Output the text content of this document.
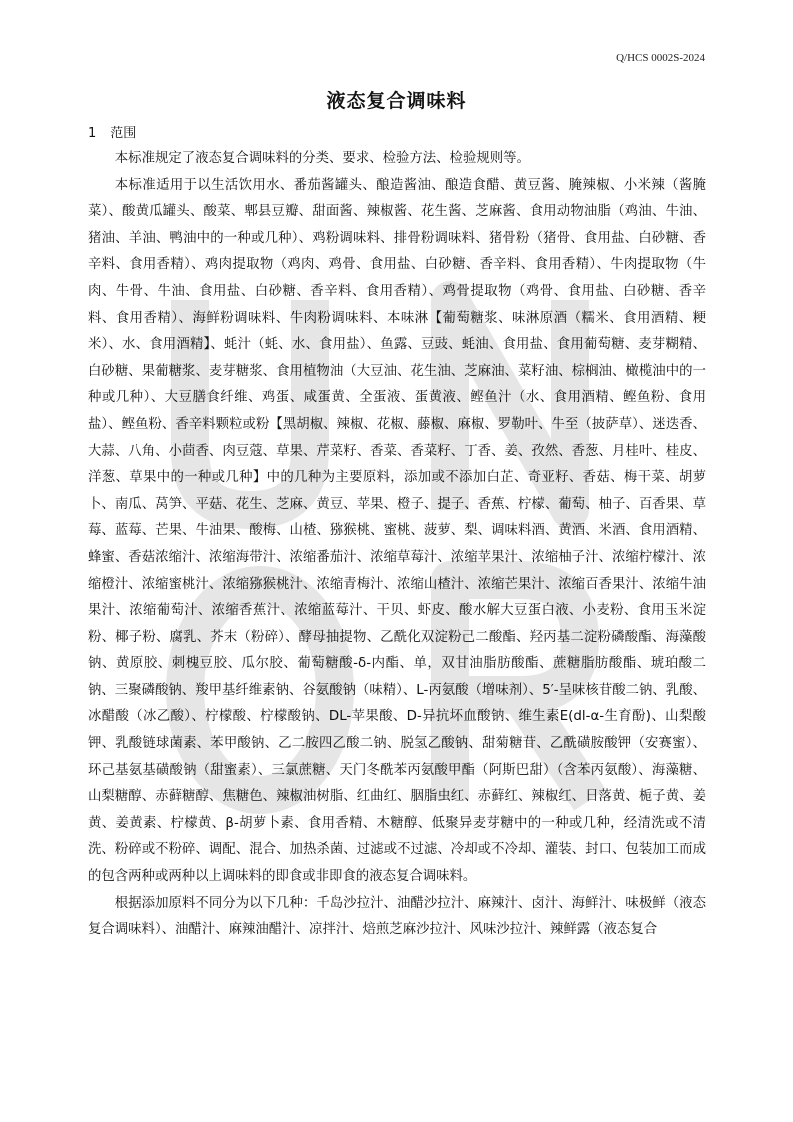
Q/HCS 0002S-2024
液态复合调味料
1 范围

本标准规定了液态复合调味料的分类、要求、检验方法、检验规则等。

本标准适用于以生活饮用水、番茄酱罐头、酿造酱油、酿造食醋、黄豆酱、腌辣椒、小米辣（酱腌菜）、酸黄瓜罐头、酸菜、郫县豆瓣、甜面酱、辣椒酱、花生酱、芝麻酱、食用动物油脂（鸡油、牛油、猪油、羊油、鸭油中的一种或几种）、鸡粉调味料、排骨粉调味料、猪骨粉（猪骨、食用盐、白砂糖、香辛料、食用香精）、鸡肉提取物（鸡肉、鸡骨、食用盐、白砂糖、香辛料、食用香精）、牛肉提取物（牛肉、牛骨、牛油、食用盐、白砂糖、香辛料、食用香精）、鸡骨提取物（鸡骨、食用盐、白砂糖、香辛料、食用香精）、海鲜粉调味料、牛肉粉调味料、本味淋【葡萄糖浆、味淋原酒（糯米、食用酒精、粳米）、水、食用酒精】、蚝汁（蚝、水、食用盐）、鱼露、豆豉、蚝油、食用盐、食用葡萄糖、麦芽糊精、白砂糖、果葡糖浆、麦芽糖浆、食用植物油（大豆油、花生油、芝麻油、菜籽油、棕榈油、橄榄油中的一种或几种）、大豆膳食纤维、鸡蛋、咸蛋黄、全蛋液、蛋黄液、鲣鱼汁（水、食用酒精、鲣鱼粉、食用盐）、鲣鱼粉、香辛料颗粒或粉【黑胡椒、辣椒、花椒、藤椒、麻椒、罗勒叶、牛至（披萨草）、迷迭香、大蒜、八角、小茴香、肉豆蔻、草果、芹菜籽、香菜、香菜籽、丁香、姜、孜然、香葱、月桂叶、桂皮、洋葱、草果中的一种或几种】中的几种为主要原料，添加或不添加白芷、奇亚籽、香菇、梅干菜、胡萝卜、南瓜、莴笋、平菇、花生、芝麻、黄豆、苹果、橙子、提子、香蕉、柠檬、葡萄、柚子、百香果、草莓、蓝莓、芒果、牛油果、酸梅、山楂、猕猴桃、蜜桃、菠萝、梨、调味料酒、黄酒、米酒、食用酒精、蜂蜜、香菇浓缩汁、浓缩海带汁、浓缩番茄汁、浓缩草莓汁、浓缩苹果汁、浓缩柚子汁、浓缩柠檬汁、浓缩橙汁、浓缩蜜桃汁、浓缩猕猴桃汁、浓缩青梅汁、浓缩山楂汁、浓缩芒果汁、浓缩百香果汁、浓缩牛油果汁、浓缩葡萄汁、浓缩香蕉汁、浓缩蓝莓汁、干贝、虾皮、酸水解大豆蛋白液、小麦粉、食用玉米淀粉、椰子粉、腐乳、芥末（粉碎）、酵母抽提物、乙酰化双淀粉己二酸酯、羟丙基二淀粉磷酸酯、海藻酸钠、黄原胶、刺槐豆胶、瓜尔胶、葡萄糖酸-δ-内酯、单，双甘油脂肪酸酯、蔗糖脂肪酸酯、琥珀酸二钠、三聚磷酸钠、羧甲基纤维素钠、谷氨酸钠（味精）、L-丙氨酸（增味剂）、5′-呈味核苷酸二钠、乳酸、冰醋酸（冰乙酸）、柠檬酸、柠檬酸钠、DL-苹果酸、D-异抗坏血酸钠、维生素E(dl-α-生育酚)、山梨酸钾、乳酸链球菌素、苯甲酸钠、乙二胺四乙酸二钠、脱氢乙酸钠、甜菊糖苷、乙酰磺胺酸钾（安赛蜜）、环己基氨基磺酸钠（甜蜜素）、三氯蔗糖、天门冬酰苯丙氨酸甲酯（阿斯巴甜）（含苯丙氨酸）、海藻糖、山梨糖醇、赤藓糖醇、焦糖色、辣椒油树脂、红曲红、胭脂虫红、赤藓红、辣椒红、日落黄、栀子黄、姜黄、姜黄素、柠檬黄、β-胡萝卜素、食用香精、木糖醇、低聚异麦芽糖中的一种或几种，经清洗或不清洗、粉碎或不粉碎、调配、混合、加热杀菌、过滤或不过滤、冷却或不冷却、灌装、封口、包装加工而成的包含两种或两种以上调味料的即食或非即食的液态复合调味料。

根据添加原料不同分为以下几种：千岛沙拉汁、油醋沙拉汁、麻辣汁、卤汁、海鲜汁、味极鲜（液态复合调味料）、油醋汁、麻辣油醋汁、凉拌汁、焙煎芝麻沙拉汁、风味沙拉汁、辣鲜露（液态复合
